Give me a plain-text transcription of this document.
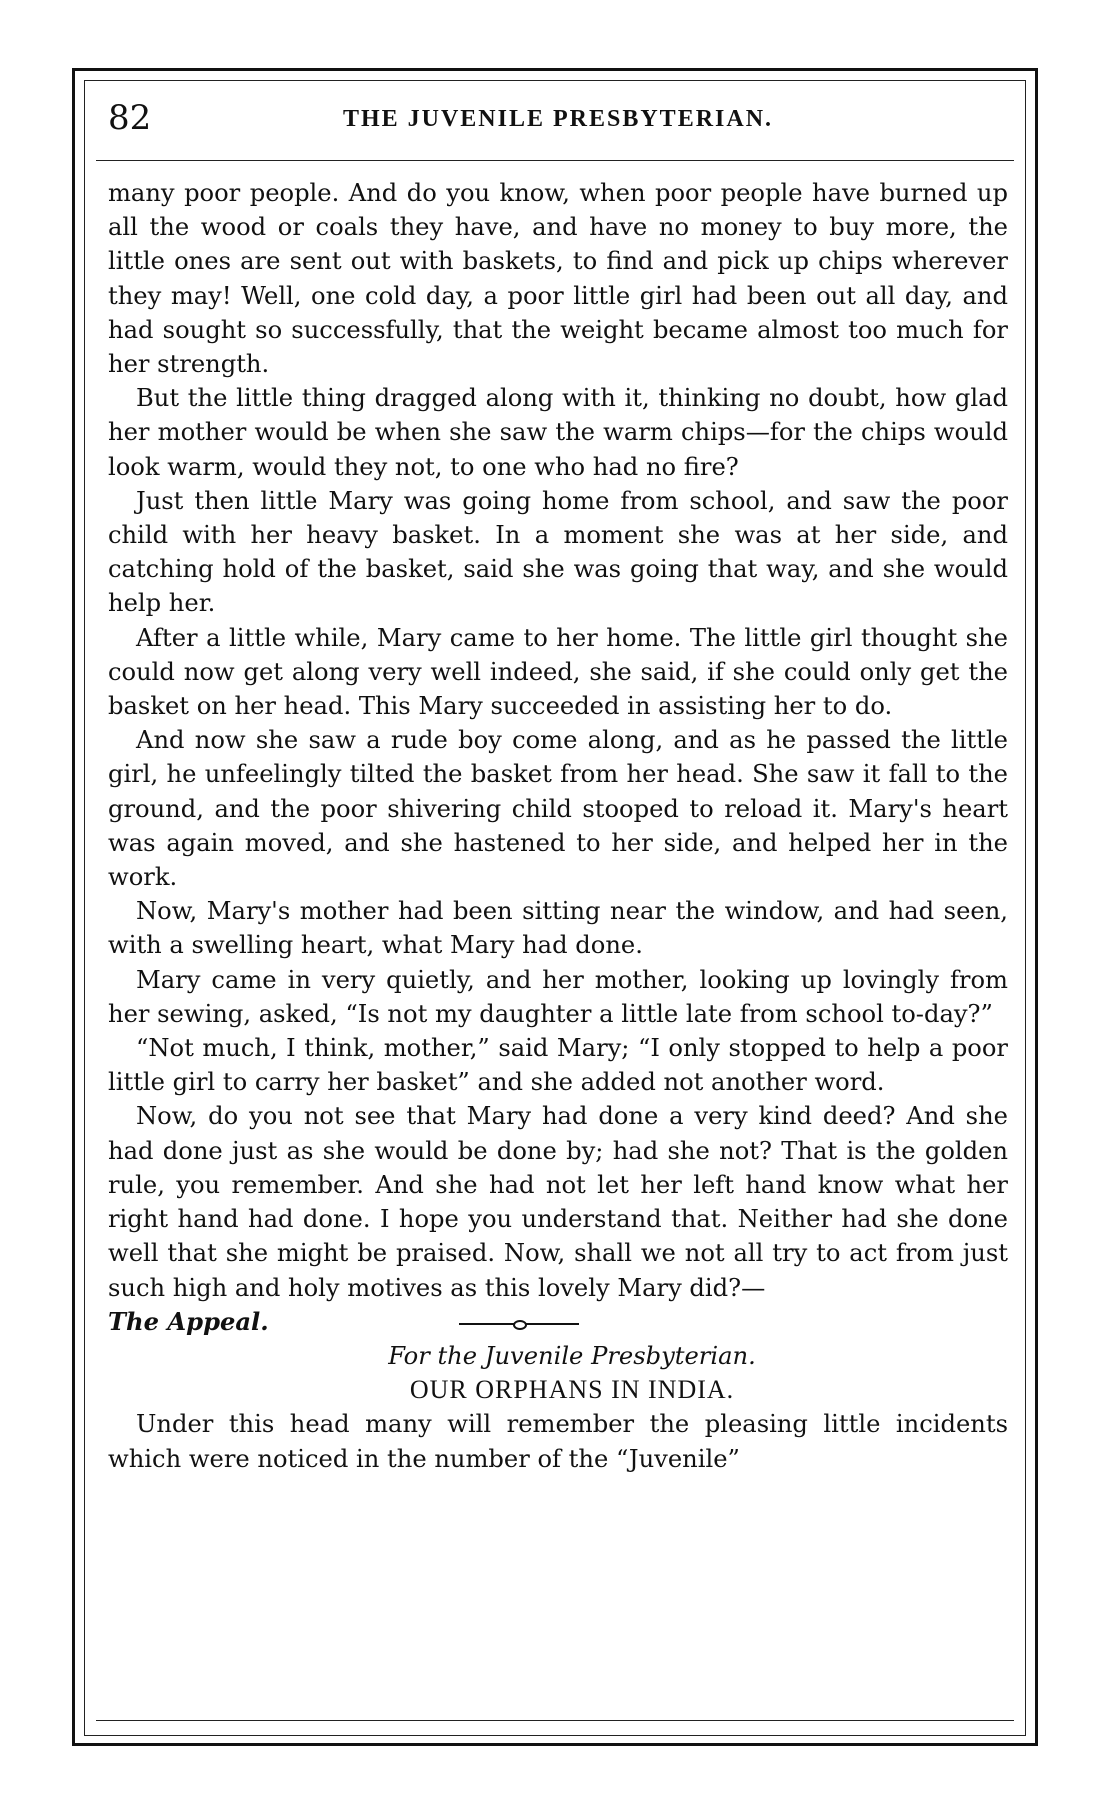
82	THE JUVENILE PRESBYTERIAN.

many poor people. And do you know, when poor people have burned up all the wood or coals they have, and have no money to buy more, the little ones are sent out with baskets, to find and pick up chips wherever they may! Well, one cold day, a poor little girl had been out all day, and had sought so successfully, that the weight became almost too much for her strength.

But the little thing dragged along with it, thinking no doubt, how glad her mother would be when she saw the warm chips—for the chips would look warm, would they not, to one who had no fire?

Just then little Mary was going home from school, and saw the poor child with her heavy basket. In a moment she was at her side, and catching hold of the basket, said she was going that way, and she would help her.

After a little while, Mary came to her home. The little girl thought she could now get along very well indeed, she said, if she could only get the basket on her head. This Mary succeeded in assisting her to do.

And now she saw a rude boy come along, and as he passed the little girl, he unfeelingly tilted the basket from her head. She saw it fall to the ground, and the poor shivering child stooped to reload it. Mary's heart was again moved, and she hastened to her side, and helped her in the work.

Now, Mary's mother had been sitting near the window, and had seen, with a swelling heart, what Mary had done.

Mary came in very quietly, and her mother, looking up lovingly from her sewing, asked, “Is not my daughter a little late from school to-day?”

“Not much, I think, mother,” said Mary; “I only stopped to help a poor little girl to carry her basket” and she added not another word.

Now, do you not see that Mary had done a very kind deed? And she had done just as she would be done by; had she not? That is the golden rule, you remember. And she had not let her left hand know what her right hand had done. I hope you understand that. Neither had she done well that she might be praised. Now, shall we not all try to act from just such high and holy motives as this lovely Mary did?—

The Appeal.

For the Juvenile Presbyterian.

OUR ORPHANS IN INDIA.

Under this head many will remember the pleasing little incidents which were noticed in the number of the “Juvenile”
